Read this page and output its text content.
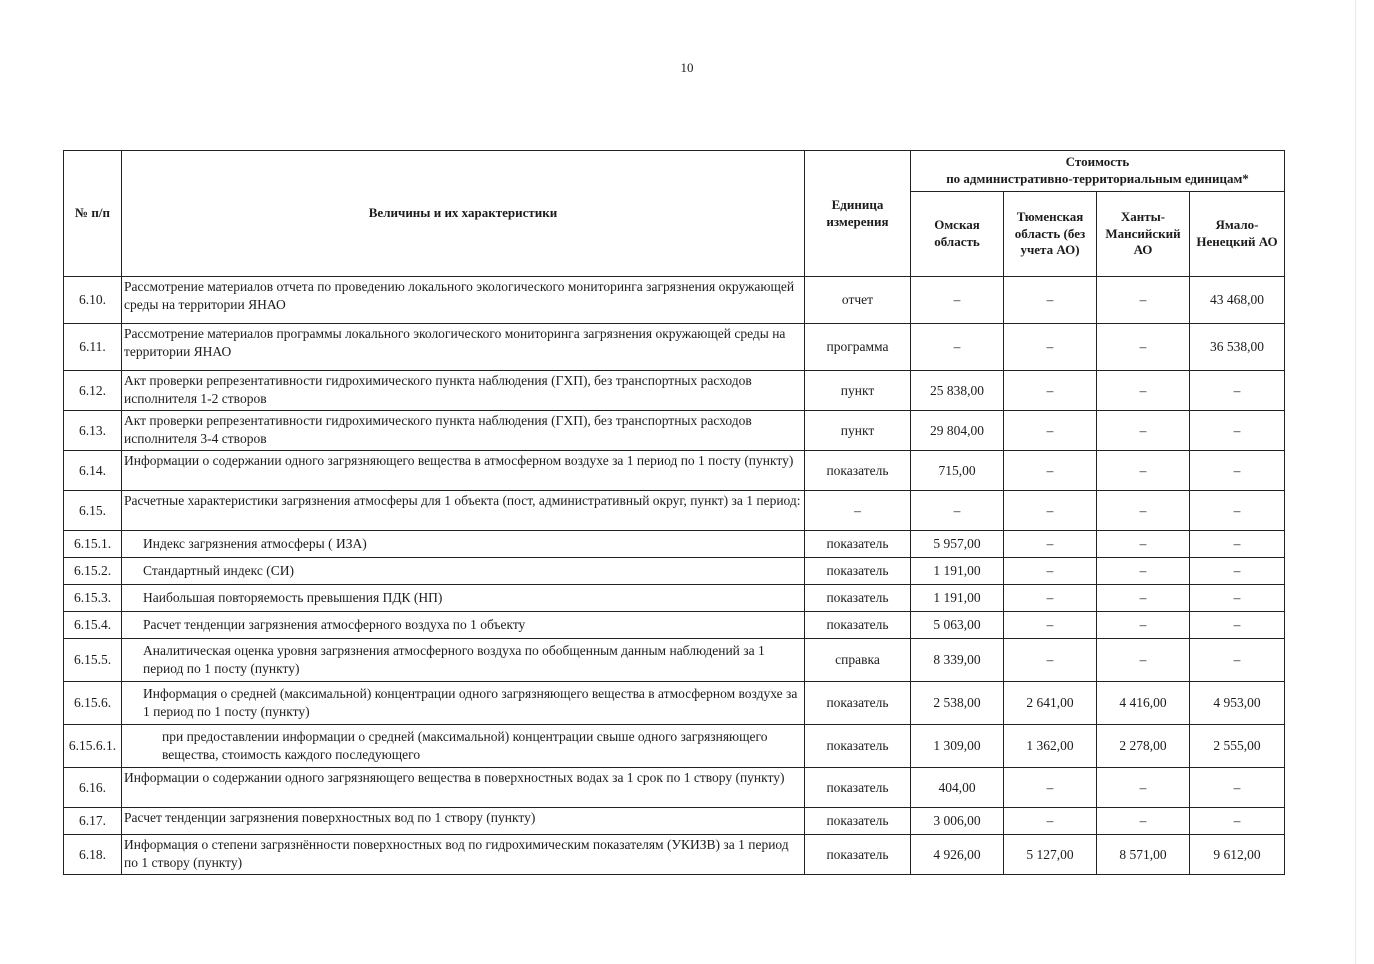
10
№ п/п	Величины и их характеристики	Единица измерения	Стоимость
по административно-территориальным единицам*			

			Омская область	Тюменская область (без учета АО)	Ханты-Мансийский АО	Ямало-Ненецкий АО
6.10.	Рассмотрение материалов отчета по проведению локального экологического мониторинга загрязнения окружающей среды на территории ЯНАО	отчет	–	–	–	43 468,00
6.11.	Рассмотрение материалов программы локального экологического мониторинга загрязнения окружающей среды на территории ЯНАО	программа	–	–	–	36 538,00
6.12.	Акт проверки репрезентативности гидрохимического пункта наблюдения (ГХП), без транспортных расходов исполнителя 1-2 створов	пункт	25 838,00	–	–	–
6.13.	Акт проверки репрезентативности гидрохимического пункта наблюдения (ГХП), без транспортных расходов исполнителя 3-4 створов	пункт	29 804,00	–	–	–
6.14.	Информации о содержании одного загрязняющего вещества в атмосферном воздухе за 1 период по 1 посту (пункту)	показатель	715,00	–	–	–
6.15.	Расчетные характеристики загрязнения атмосферы для 1 объекта (пост, административный округ, пункт) за 1 период:	–	–	–	–	–
6.15.1.	Индекс загрязнения атмосферы ( ИЗА)	показатель	5 957,00	–	–	–
6.15.2.	Стандартный индекс (СИ)	показатель	1 191,00	–	–	–
6.15.3.	Наибольшая повторяемость превышения ПДК (НП)	показатель	1 191,00	–	–	–
6.15.4.	Расчет тенденции загрязнения атмосферного воздуха по 1 объекту	показатель	5 063,00	–	–	–
6.15.5.	Аналитическая оценка уровня загрязнения атмосферного воздуха по обобщенным данным наблюдений за 1 период по 1 посту (пункту)	справка	8 339,00	–	–	–
6.15.6.	Информация о средней (максимальной) концентрации одного загрязняющего вещества в атмосферном воздухе за 1 период по 1 посту (пункту)	показатель	2 538,00	2 641,00	4 416,00	4 953,00
6.15.6.1.	при предоставлении информации о средней (максимальной) концентрации свыше одного загрязняющего вещества, стоимость каждого последующего	показатель	1 309,00	1 362,00	2 278,00	2 555,00
6.16.	Информации о содержании одного загрязняющего вещества в поверхностных водах за 1 срок по 1 створу (пункту)	показатель	404,00	–	–	–
6.17.	Расчет тенденции загрязнения поверхностных вод по 1 створу (пункту)	показатель	3 006,00	–	–	–
6.18.	Информация о степени загрязнённости поверхностных вод по гидрохимическим показателям (УКИЗВ) за 1 период по 1 створу (пункту)	показатель	4 926,00	5 127,00	8 571,00	9 612,00
